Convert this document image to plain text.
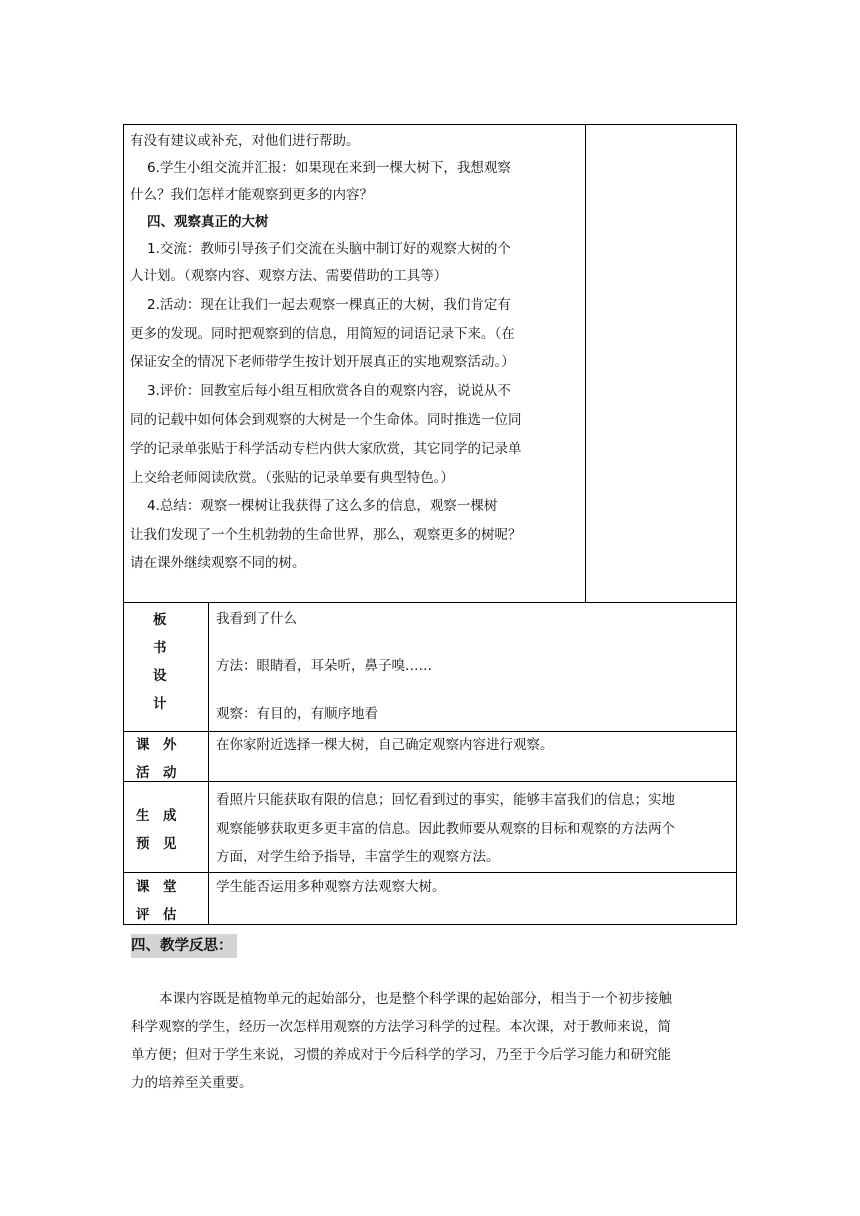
有没有建议或补充，对他们进行帮助。
6.学生小组交流并汇报：如果现在来到一棵大树下，我想观察
什么？我们怎样才能观察到更多的内容？
四、观察真正的大树
1.交流：教师引导孩子们交流在头脑中制订好的观察大树的个
人计划。（观察内容、观察方法、需要借助的工具等）
2.活动：现在让我们一起去观察一棵真正的大树，我们肯定有
更多的发现。同时把观察到的信息，用简短的词语记录下来。（在
保证安全的情况下老师带学生按计划开展真正的实地观察活动。）
3.评价：回教室后每小组互相欣赏各自的观察内容，说说从不
同的记载中如何体会到观察的大树是一个生命体。同时推选一位同
学的记录单张贴于科学活动专栏内供大家欣赏，其它同学的记录单
上交给老师阅读欣赏。（张贴的记录单要有典型特色。）
4.总结：观察一棵树让我获得了这么多的信息，观察一棵树
让我们发现了一个生机勃勃的生命世界，那么，观察更多的树呢？
请在课外继续观察不同的树。
板
书
设
计
我看到了什么
方法：眼睛看，耳朵听，鼻子嗅……
观察：有目的，有顺序地看
课　外
活　动
在你家附近选择一棵大树，自己确定观察内容进行观察。
生　成
预　见
看照片只能获取有限的信息；回忆看到过的事实，能够丰富我们的信息；实地
观察能够获取更多更丰富的信息。因此教师要从观察的目标和观察的方法两个
方面，对学生给予指导，丰富学生的观察方法。
课　堂
评　估
学生能否运用多种观察方法观察大树。
四、教学反思：
本课内容既是植物单元的起始部分，也是整个科学课的起始部分，相当于一个初步接触
科学观察的学生，经历一次怎样用观察的方法学习科学的过程。本次课，对于教师来说，简
单方便；但对于学生来说，习惯的养成对于今后科学的学习，乃至于今后学习能力和研究能
力的培养至关重要。
